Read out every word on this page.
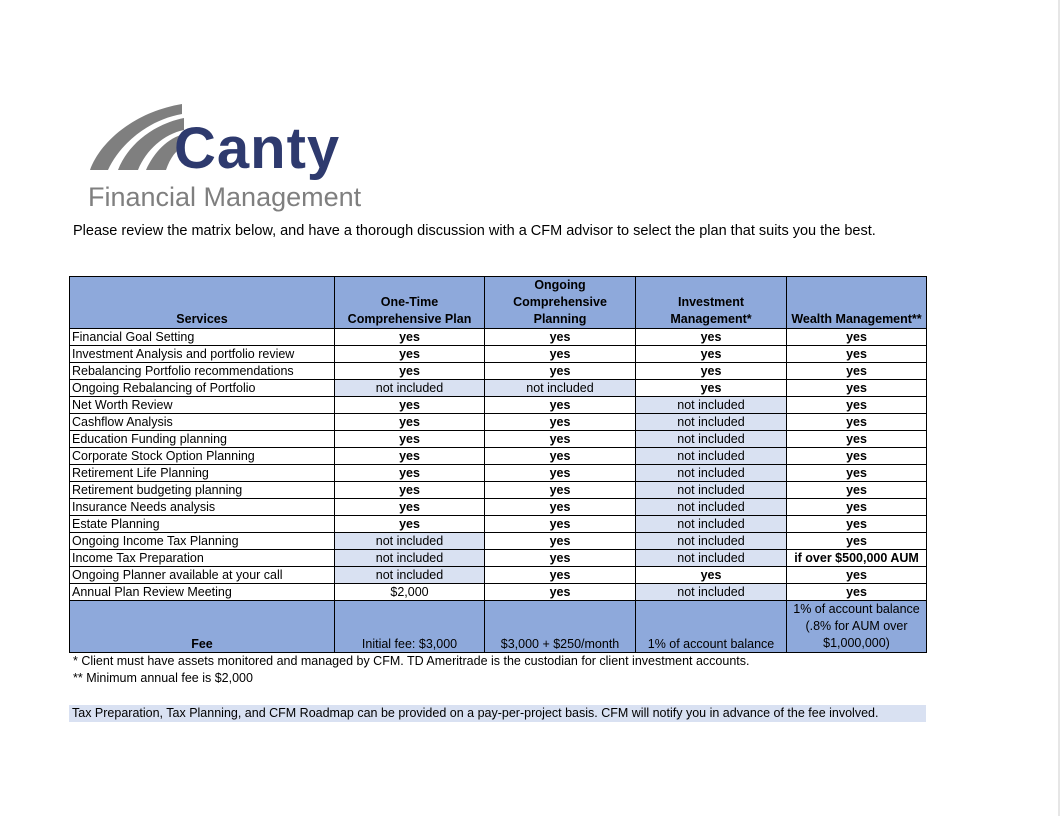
Canty
Financial Management
Please review the matrix below, and have a thorough discussion with a CFM advisor to select the plan that suits you the best.
Services	One-Time Comprehensive Plan	Ongoing Comprehensive Planning	Investment Management*	Wealth Management**
Financial Goal Setting	yes	yes	yes	yes
Investment Analysis and portfolio review	yes	yes	yes	yes
Rebalancing Portfolio recommendations	yes	yes	yes	yes
Ongoing Rebalancing of Portfolio	not included	not included	yes	yes
Net Worth Review	yes	yes	not included	yes
Cashflow Analysis	yes	yes	not included	yes
Education Funding planning	yes	yes	not included	yes
Corporate Stock Option Planning	yes	yes	not included	yes
Retirement Life Planning	yes	yes	not included	yes
Retirement budgeting planning	yes	yes	not included	yes
Insurance Needs analysis	yes	yes	not included	yes
Estate Planning	yes	yes	not included	yes
Ongoing Income Tax Planning	not included	yes	not included	yes
Income Tax Preparation	not included	yes	not included	if over $500,000 AUM
Ongoing Planner available at your call	not included	yes	yes	yes
Annual Plan Review Meeting	$2,000	yes	not included	yes
Fee	Initial fee: $3,000	$3,000 + $250/month	1% of account balance	1% of account balance (.8% for AUM over $1,000,000)
* Client must have assets monitored and managed by CFM. TD Ameritrade is the custodian for client investment accounts.
** Minimum annual fee is $2,000
Tax Preparation, Tax Planning, and CFM Roadmap can be provided on a pay-per-project basis. CFM will notify you in advance of the fee involved.
